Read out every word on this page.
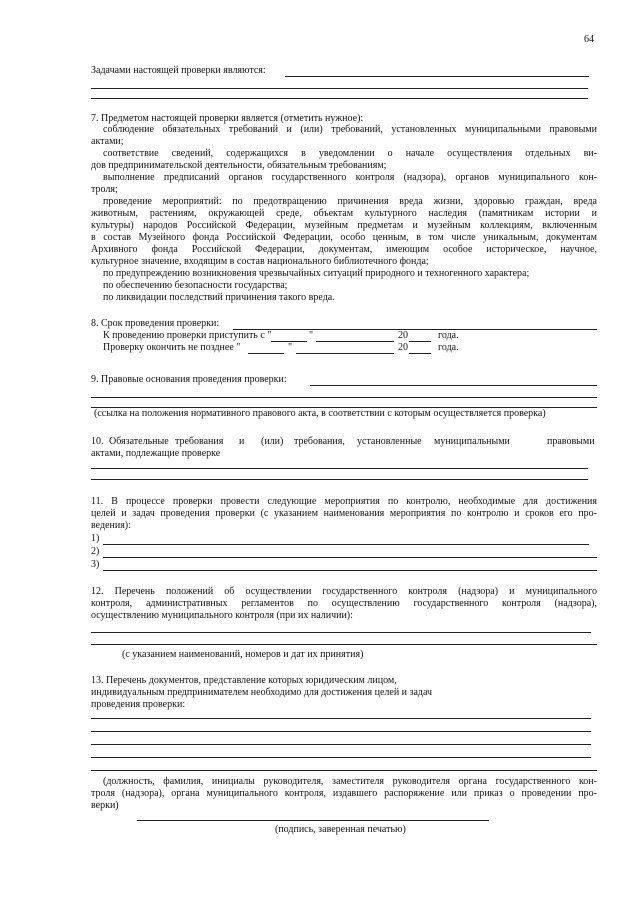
64
Задачами настоящей проверки являются:
7. Предметом настоящей проверки является (отметить нужное):
соблюдение обязательных требований и (или) требований, установленных муниципальными правовыми
актами;
соответствие сведений, содержащихся в уведомлении о начале осуществления отдельных ви-
дов предпринимательской деятельности, обязательным требованиям;
выполнение предписаний органов государственного контроля (надзора), органов муниципального кон-
троля;
проведение мероприятий: по предотвращению причинения вреда жизни, здоровью граждан, вреда
животным, растениям, окружающей среде, объектам культурного наследия (памятникам истории и
культуры) народов Российской Федерации, музейным предметам и музейным коллекциям, включенным
в состав Музейного фонда Российской Федерации, особо ценным, в том числе уникальным, документам
Архивного фонда Российской Федерации, документам, имеющим особое историческое, научное,
культурное значение, входящим в состав национального библиотечного фонда;
по предупреждению возникновения чрезвычайных ситуаций природного и техногенного характера;
по обеспечению безопасности государства;
по ликвидации последствий причинения такого вреда.
8. Срок проведения проверки:
К проведению проверки приступить с "	"	20	года.
Проверку окончить не позднее "	"	20	года.
9. Правовые основания проведения проверки:
(ссылка на положения нормативного правового акта, в соответствии с которым осуществляется проверка)
10. Обязательные требования и (или) требования, установленные муниципальными	правовыми
актами, подлежащие проверке
11. В процессе проверки провести следующие мероприятия по контролю, необходимые для достижения
целей и задач проведения проверки (с указанием наименования мероприятия по контролю и сроков его про-
ведения):
1)
2)
3)
12. Перечень положений об осуществлении государственного контроля (надзора) и муниципального
контроля, административных регламентов по осуществлению государственного контроля (надзора),
осуществлению муниципального контроля (при их наличии):
(с указанием наименований, номеров и дат их принятия)
13. Перечень документов, представление которых юридическим лицом,
индивидуальным предпринимателем необходимо для достижения целей и задач
проведения проверки:
(должность, фамилия, инициалы руководителя, заместителя руководителя органа государственного кон-
троля (надзора), органа муниципального контроля, издавшего распоряжение или приказ о проведении про-
верки)
(подпись, заверенная печатью)
